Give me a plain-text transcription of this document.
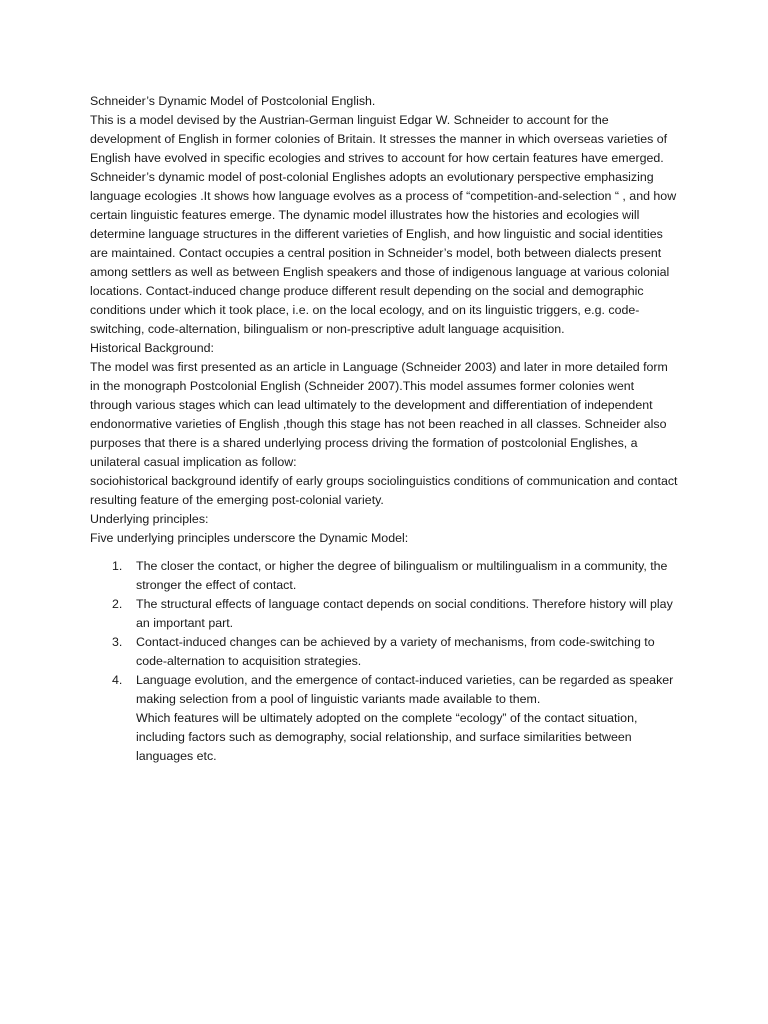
Schneider’s Dynamic Model of Postcolonial English.

This is a model devised by the Austrian-German linguist Edgar W. Schneider to account for the development of English in former colonies of Britain. It stresses the manner in which overseas varieties of English have evolved in specific ecologies and strives to account for how certain features have emerged. Schneider’s dynamic model of post-colonial Englishes adopts an evolutionary perspective emphasizing language ecologies .It shows how language evolves as a process of “competition-and-selection “ , and how certain linguistic features emerge. The dynamic model illustrates how the histories and ecologies will determine language structures in the different varieties of English, and how linguistic and social identities are maintained. Contact occupies a central position in Schneider’s model, both between dialects present among settlers as well as between English speakers and those of indigenous language at various colonial locations. Contact-induced change produce different result depending on the social and demographic conditions under which it took place, i.e. on the local ecology, and on its linguistic triggers, e.g. code-switching, code-alternation, bilingualism or non-prescriptive adult language acquisition.

Historical Background:

The model was first presented as an article in Language (Schneider 2003) and later in more detailed form in the monograph Postcolonial English (Schneider 2007).This model assumes former colonies went through various stages which can lead ultimately to the development and differentiation of independent endonormative varieties of English ,though this stage has not been reached in all classes. Schneider also purposes that there is a shared underlying process driving the formation of postcolonial Englishes, a unilateral casual implication as follow:

sociohistorical background identify of early groups sociolinguistics conditions of communication and contact resulting feature of the emerging post-colonial variety.

Underlying principles:

Five underlying principles underscore the Dynamic Model:

1. The closer the contact, or higher the degree of bilingualism or multilingualism in a community, the stronger the effect of contact.
2. The structural effects of language contact depends on social conditions. Therefore history will play an important part.
3. Contact-induced changes can be achieved by a variety of mechanisms, from code-switching to code-alternation to acquisition strategies.
4. Language evolution, and the emergence of contact-induced varieties, can be regarded as speaker making selection from a pool of linguistic variants made available to them.
Which features will be ultimately adopted on the complete “ecology” of the contact situation, including factors such as demography, social relationship, and surface similarities between languages etc.
